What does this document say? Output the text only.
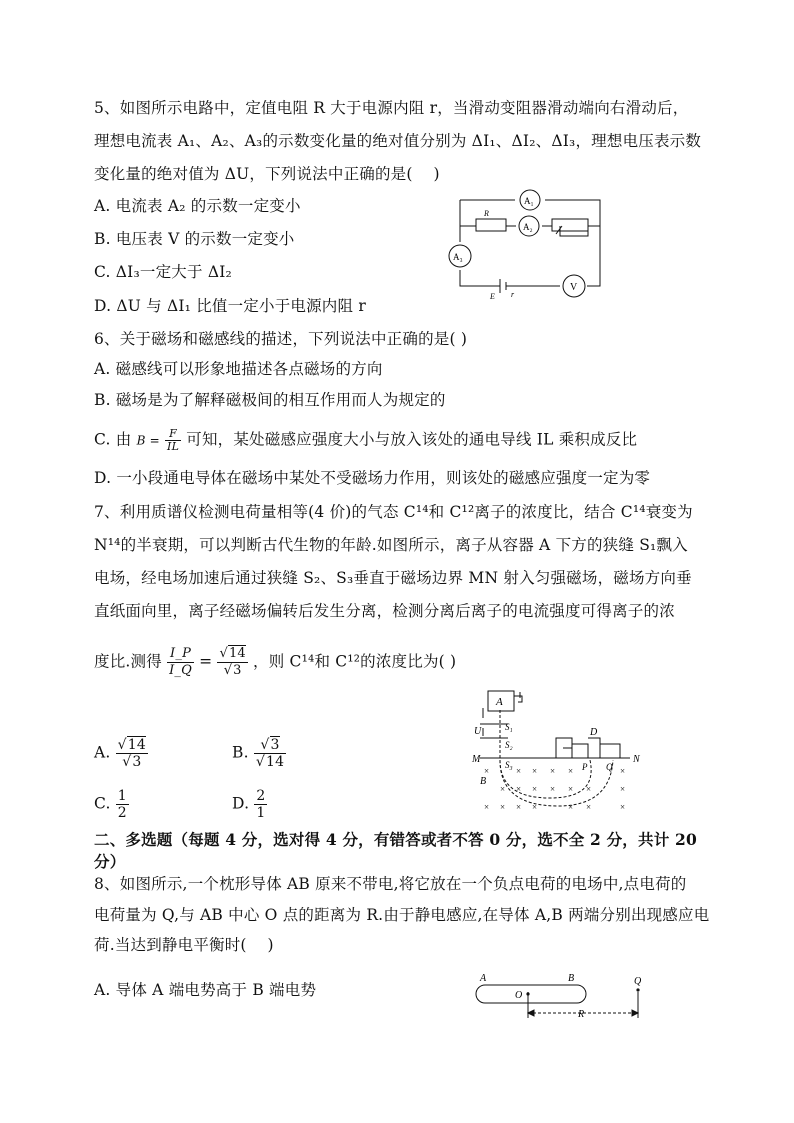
5、如图所示电路中，定值电阻 R 大于电源内阻 r，当滑动变阻器滑动端向右滑动后，
理想电流表 A₁、A₂、A₃的示数变化量的绝对值分别为 ΔI₁、ΔI₂、ΔI₃，理想电压表示数
变化量的绝对值为 ΔU，下列说法中正确的是(　 )
A. 电流表 A₂ 的示数一定变小
B. 电压表 V 的示数一定变小
C. ΔI₃一定大于 ΔI₂
D. ΔU 与 ΔI₁ 比值一定小于电源内阻 r
A₁
A₂
A₃
V
R
E r
6、关于磁场和磁感线的描述，下列说法中正确的是( )
A. 磁感线可以形象地描述各点磁场的方向
B. 磁场是为了解释磁极间的相互作用而人为规定的
C. 由 $B = \frac{F}{IL}$ 可知，某处磁感应强度大小与放入该处的通电导线 IL 乘积成反比
D. 一小段通电导体在磁场中某处不受磁场力作用，则该处的磁感应强度一定为零
7、利用质谱仪检测电荷量相等(4 价)的气态 C¹⁴和 C¹²离子的浓度比，结合 C¹⁴衰变为
N¹⁴的半衰期，可以判断古代生物的年龄.如图所示，离子从容器 A 下方的狭缝 S₁飘入
电场，经电场加速后通过狭缝 S₂、S₃垂直于磁场边界 MN 射入匀强磁场，磁场方向垂
直纸面向里，离子经磁场偏转后发生分离，检测分离后离子的电流强度可得离子的浓
度比.测得 $\frac{I\_P}{I\_Q} = \frac{√14}{√3}$ ，则 C¹⁴和 C¹²的浓度比为( )
A. $\frac{√14}{√3}$	B. $\frac{√3}{√14}$
C. $\frac{1}{2}$	D. $\frac{2}{1}$
A
U	S₁
S₂
S₃
M	N
D
P Q
B
×	× × × ×	×
× × × × × ×	×
× × × ×	× ×	×
二、多选题（每题 4 分，选对得 4 分，有错答或者不答 0 分，选不全 2 分，共计 20
分）
8、如图所示,一个枕形导体 AB 原来不带电,将它放在一个负点电荷的电场中,点电荷的
电荷量为 Q,与 AB 中心 O 点的距离为 R.由于静电感应,在导体 A,B 两端分别出现感应电
荷.当达到静电平衡时(　 )
A. 导体 A 端电势高于 B 端电势
A	B
O
Q
R
